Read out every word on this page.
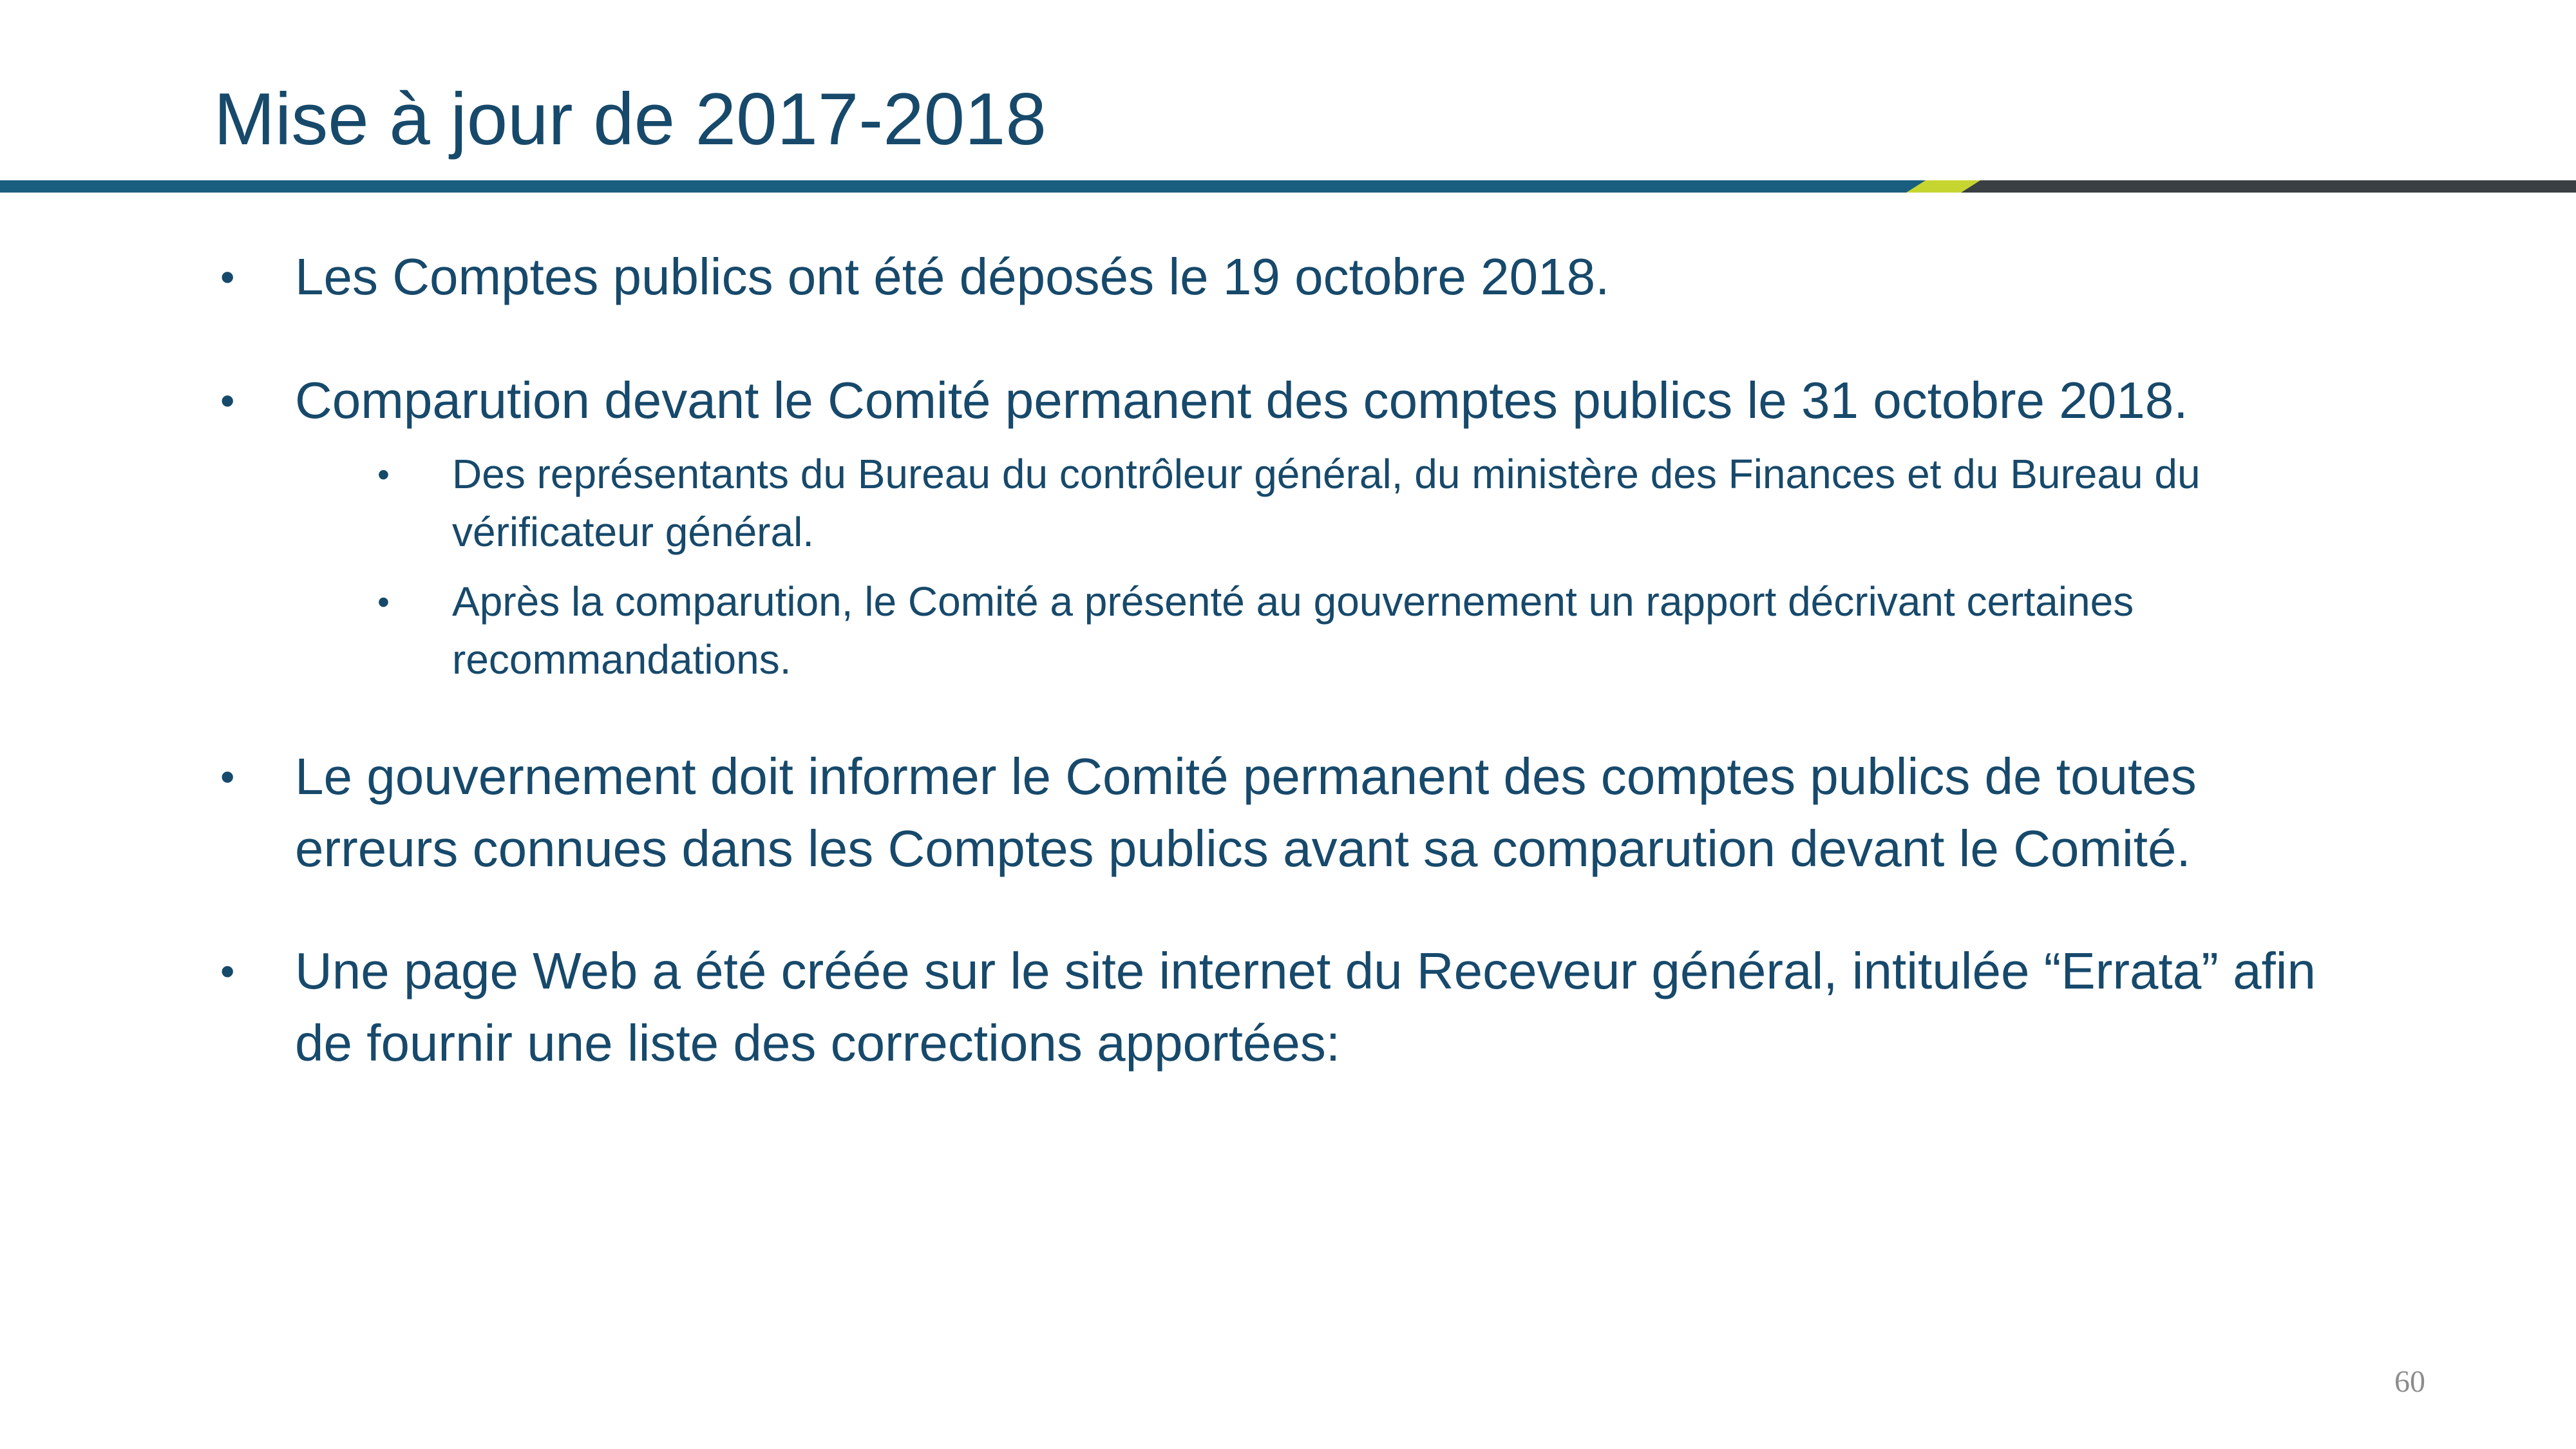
Mise à jour de 2017-2018

• Les Comptes publics ont été déposés le 19 octobre 2018.

• Comparution devant le Comité permanent des comptes publics le 31 octobre 2018.

• Des représentants du Bureau du contrôleur général, du ministère des Finances et du Bureau du vérificateur général.

• Après la comparution, le Comité a présenté au gouvernement un rapport décrivant certaines recommandations.

• Le gouvernement doit informer le Comité permanent des comptes publics de toutes erreurs connues dans les Comptes publics avant sa comparution devant le Comité.

• Une page Web a été créée sur le site internet du Receveur général, intitulée “Errata” afin de fournir une liste des corrections apportées:

60
